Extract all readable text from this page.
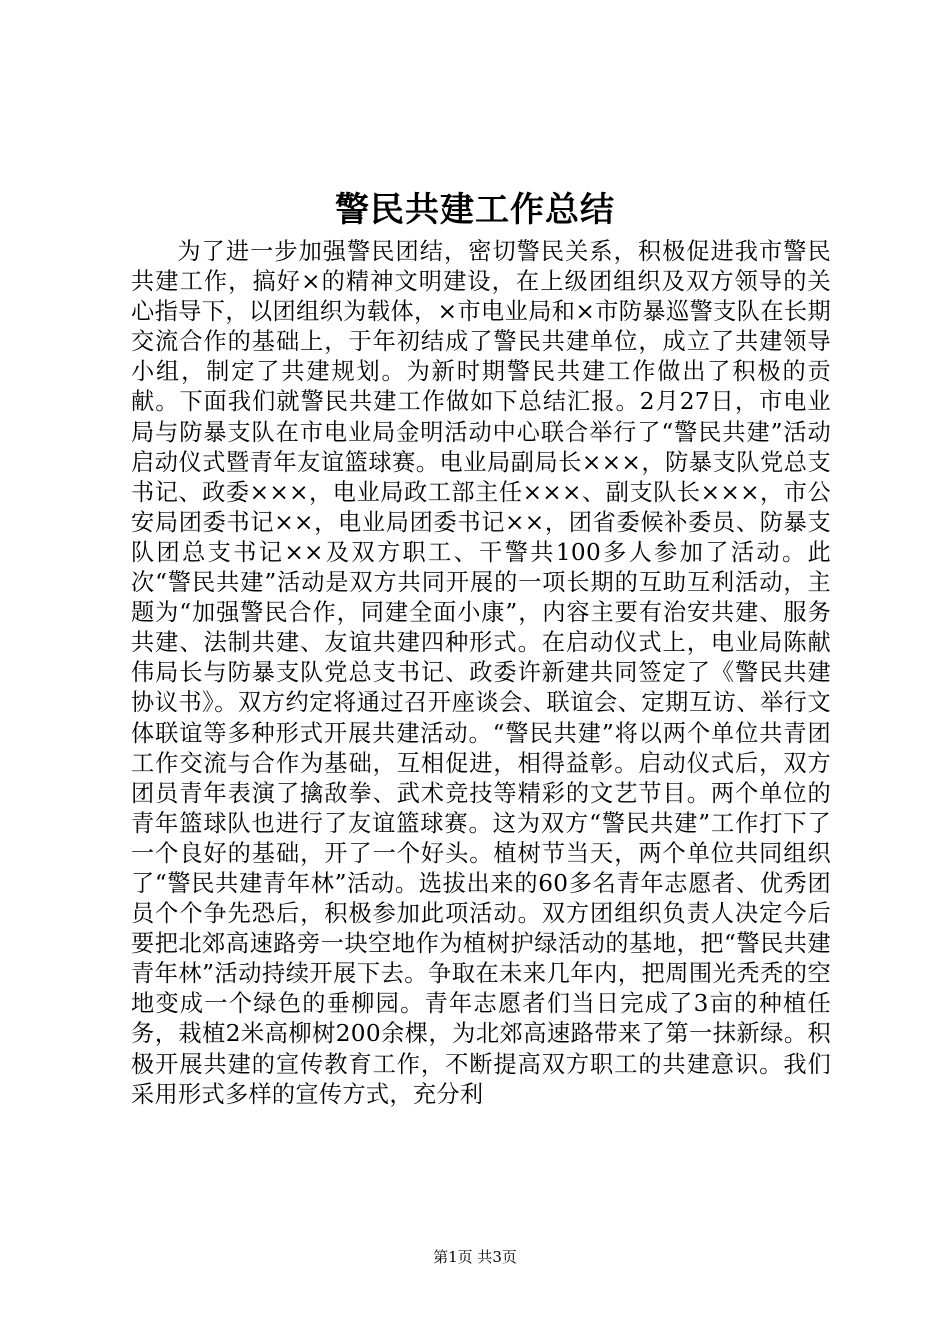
警民共建工作总结

为了进一步加强警民团结，密切警民关系，积极促进我市警民共建工作，搞好×的精神文明建设，在上级团组织及双方领导的关心指导下，以团组织为载体，×市电业局和×市防暴巡警支队在长期交流合作的基础上，于年初结成了警民共建单位，成立了共建领导小组，制定了共建规划。为新时期警民共建工作做出了积极的贡献。下面我们就警民共建工作做如下总结汇报。2月27日，市电业局与防暴支队在市电业局金明活动中心联合举行了“警民共建”活动启动仪式暨青年友谊篮球赛。电业局副局长×××，防暴支队党总支书记、政委×××，电业局政工部主任×××、副支队长×××，市公安局团委书记××，电业局团委书记××，团省委候补委员、防暴支队团总支书记××及双方职工、干警共100多人参加了活动。此次“警民共建”活动是双方共同开展的一项长期的互助互利活动，主题为“加强警民合作，同建全面小康”，内容主要有治安共建、服务共建、法制共建、友谊共建四种形式。在启动仪式上，电业局陈献伟局长与防暴支队党总支书记、政委许新建共同签定了《警民共建协议书》。双方约定将通过召开座谈会、联谊会、定期互访、举行文体联谊等多种形式开展共建活动。“警民共建”将以两个单位共青团工作交流与合作为基础，互相促进，相得益彰。启动仪式后，双方团员青年表演了擒敌拳、武术竞技等精彩的文艺节目。两个单位的青年篮球队也进行了友谊篮球赛。这为双方“警民共建”工作打下了一个良好的基础，开了一个好头。植树节当天，两个单位共同组织了“警民共建青年林”活动。选拔出来的60多名青年志愿者、优秀团员个个争先恐后，积极参加此项活动。双方团组织负责人决定今后要把北郊高速路旁一块空地作为植树护绿活动的基地，把“警民共建青年林”活动持续开展下去。争取在未来几年内，把周围光秃秃的空地变成一个绿色的垂柳园。青年志愿者们当日完成了3亩的种植任务，栽植2米高柳树200余棵，为北郊高速路带来了第一抹新绿。积极开展共建的宣传教育工作，不断提高双方职工的共建意识。我们采用形式多样的宣传方式，充分利

第1页 共3页
